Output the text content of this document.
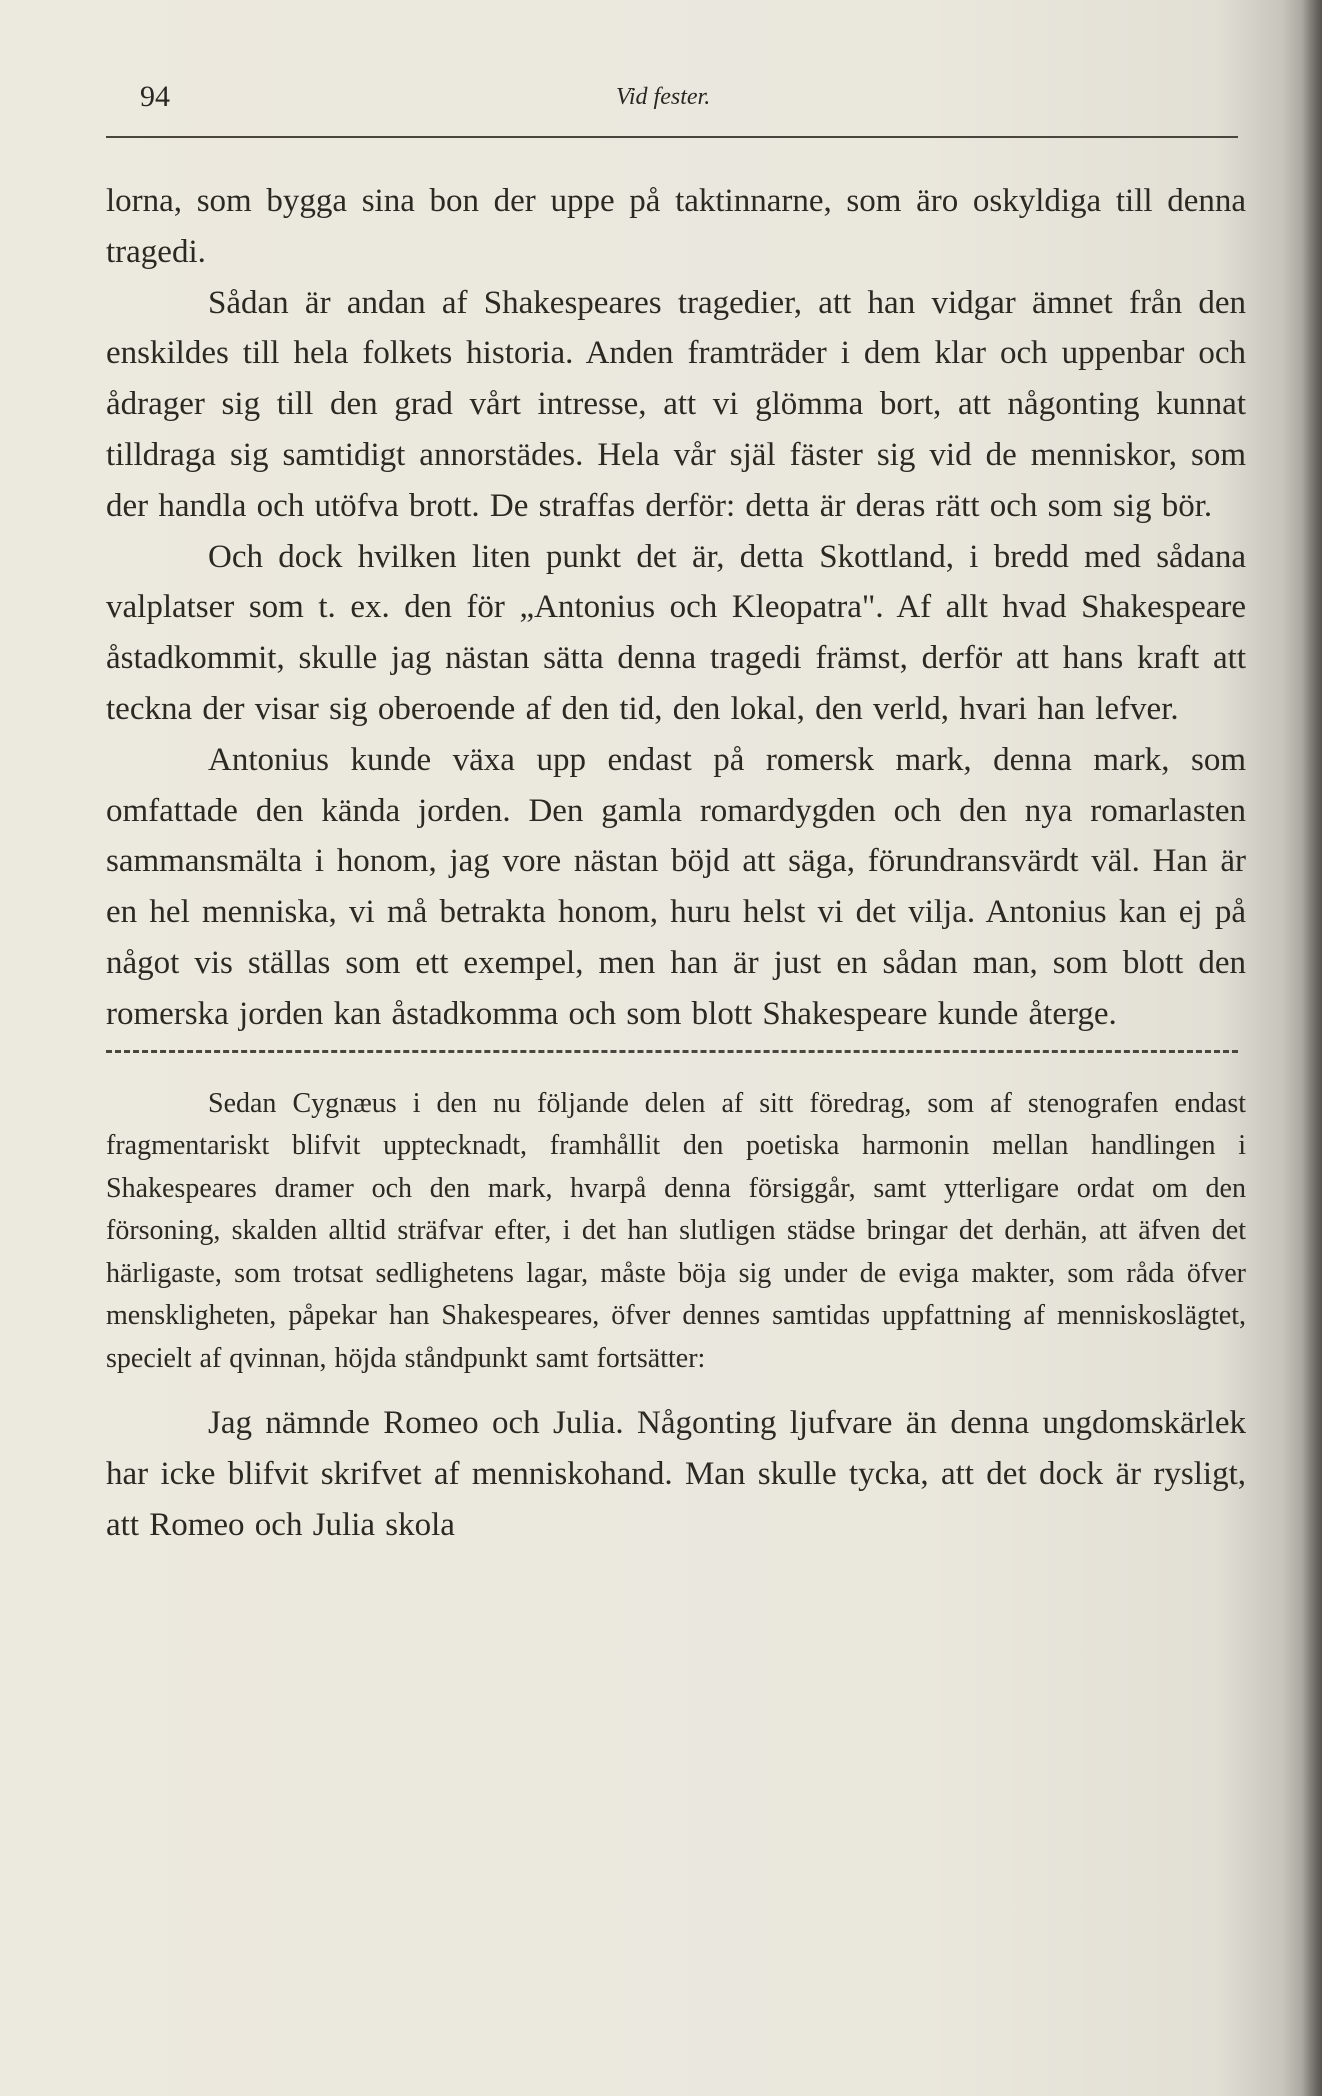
94	Vid fester.

lorna, som bygga sina bon der uppe på taktinnarne, som äro oskyldiga till denna tragedi.

Sådan är andan af Shakespeares tragedier, att han vidgar ämnet från den enskildes till hela folkets historia. Anden framträder i dem klar och uppenbar och ådrager sig till den grad vårt intresse, att vi glömma bort, att någonting kunnat tilldraga sig samtidigt annorstädes. Hela vår själ fäster sig vid de menniskor, som der handla och utöfva brott. De straffas derför: detta är deras rätt och som sig bör.

Och dock hvilken liten punkt det är, detta Skottland, i bredd med sådana valplatser som t. ex. den för „Antonius och Kleopatra". Af allt hvad Shakespeare åstadkommit, skulle jag nästan sätta denna tragedi främst, derför att hans kraft att teckna der visar sig oberoende af den tid, den lokal, den verld, hvari han lefver.

Antonius kunde växa upp endast på romersk mark, denna mark, som omfattade den kända jorden. Den gamla romardygden och den nya romarlasten sammansmälta i honom, jag vore nästan böjd att säga, förundransvärdt väl. Han är en hel menniska, vi må betrakta honom, huru helst vi det vilja. Antonius kan ej på något vis ställas som ett exempel, men han är just en sådan man, som blott den romerska jorden kan åstadkomma och som blott Shakespeare kunde återge.

Sedan Cygnæus i den nu följande delen af sitt föredrag, som af stenografen endast fragmentariskt blifvit upptecknadt, framhållit den poetiska harmonin mellan handlingen i Shakespeares dramer och den mark, hvarpå denna försiggår, samt ytterligare ordat om den försoning, skalden alltid sträfvar efter, i det han slutligen städse bringar det derhän, att äfven det härligaste, som trotsat sedlighetens lagar, måste böja sig under de eviga makter, som råda öfver menskligheten, påpekar han Shakespeares, öfver dennes samtidas uppfattning af menniskoslägtet, specielt af qvinnan, höjda ståndpunkt samt fortsätter:

Jag nämnde Romeo och Julia. Någonting ljufvare än denna ungdomskärlek har icke blifvit skrifvet af menniskohand. Man skulle tycka, att det dock är rysligt, att Romeo och Julia skola
